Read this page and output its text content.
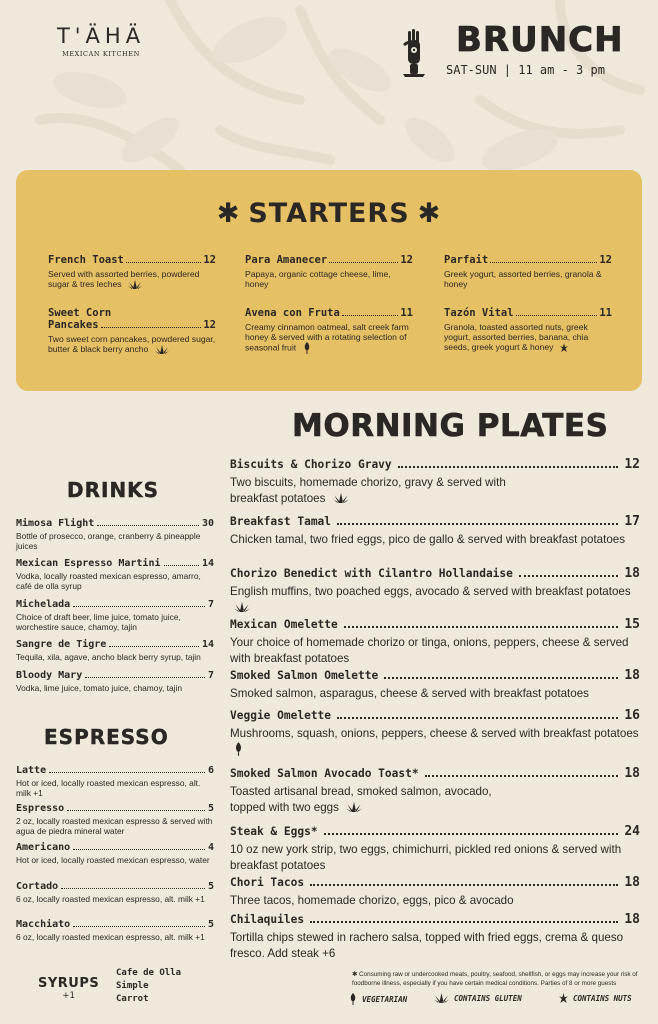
T'ÄHÄ
MEXICAN KITCHEN	BRUNCH
SAT-SUN | 11 am - 3 pm
✱ STARTERS ✱
French Toast	12
Served with assorted berries, powdered sugar & tres leches
Para Amanecer	12
Papaya, organic cottage cheese, lime, honey
Parfait	12
Greek yogurt, assorted berries, granola & honey
Sweet Corn
Pancakes	12
Two sweet corn pancakes, powdered sugar, butter & black berry ancho
Avena con Fruta	11
Creamy cinnamon oatmeal, salt creek farm honey & served with a rotating selection of seasonal fruit
Tazón Vital	11
Granola, toasted assorted nuts, greek yogurt, assorted berries, banana, chia seeds, greek yogurt & honey
MORNING PLATES
Biscuits & Chorizo Gravy	12
Two biscuits, homemade chorizo, gravy & served with breakfast potatoes
Breakfast Tamal	17
Chicken tamal, two fried eggs, pico de gallo & served with breakfast potatoes
Chorizo Benedict with Cilantro Hollandaise	18
English muffins, two poached eggs, avocado & served with breakfast potatoes
Mexican Omelette	15
Your choice of homemade chorizo or tinga, onions, peppers, cheese & served with breakfast potatoes
Smoked Salmon Omelette	18
Smoked salmon, asparagus, cheese & served with breakfast potatoes
Veggie Omelette	16
Mushrooms, squash, onions, peppers, cheese & served with breakfast potatoes
Smoked Salmon Avocado Toast*	18
Toasted artisanal bread, smoked salmon, avocado, topped with two eggs
Steak & Eggs*	24
10 oz new york strip, two eggs, chimichurri, pickled red onions & served with breakfast potatoes
Chori Tacos	18
Three tacos, homemade chorizo, eggs, pico & avocado
Chilaquiles	18
Tortilla chips stewed in rachero salsa, topped with fried eggs, crema & queso fresco. Add steak +6
DRINKS
Mimosa Flight	30
Bottle of prosecco, orange, cranberry & pineapple juices
Mexican Espresso Martini	14
Vodka, locally roasted mexican espresso, amarro, café de olla syrup
Michelada	7
Choice of draft beer, lime juice, tomato juice, worchestire sauce, chamoy, tajin
Sangre de Tigre	14
Tequila, xila, agave, ancho black berry syrup, tajin
Bloody Mary	7
Vodka, lime juice, tomato juice, chamoy, tajin
ESPRESSO
Latte	6
Hot or iced, locally roasted mexican espresso, alt. milk +1
Espresso	5
2 oz, locally roasted mexican espresso & served with agua de piedra mineral water
Americano	4
Hot or iced, locally roasted mexican espresso, water
Cortado	5
6 oz, locally roasted mexican espresso, alt. milk +1
Macchiato	5
6 oz, locally roasted mexican espresso, alt. milk +1
SYRUPS
+1
Cafe de Olla
Simple
Carrot
✱ Consuming raw or undercooked meats, poultry, seafood, shellfish, or eggs may increase your risk of foodborne illness, especially if you have certain medical conditions. Parties of 8 or more guests
VEGETARIAN	CONTAINS GLUTEN	CONTAINS NUTS
